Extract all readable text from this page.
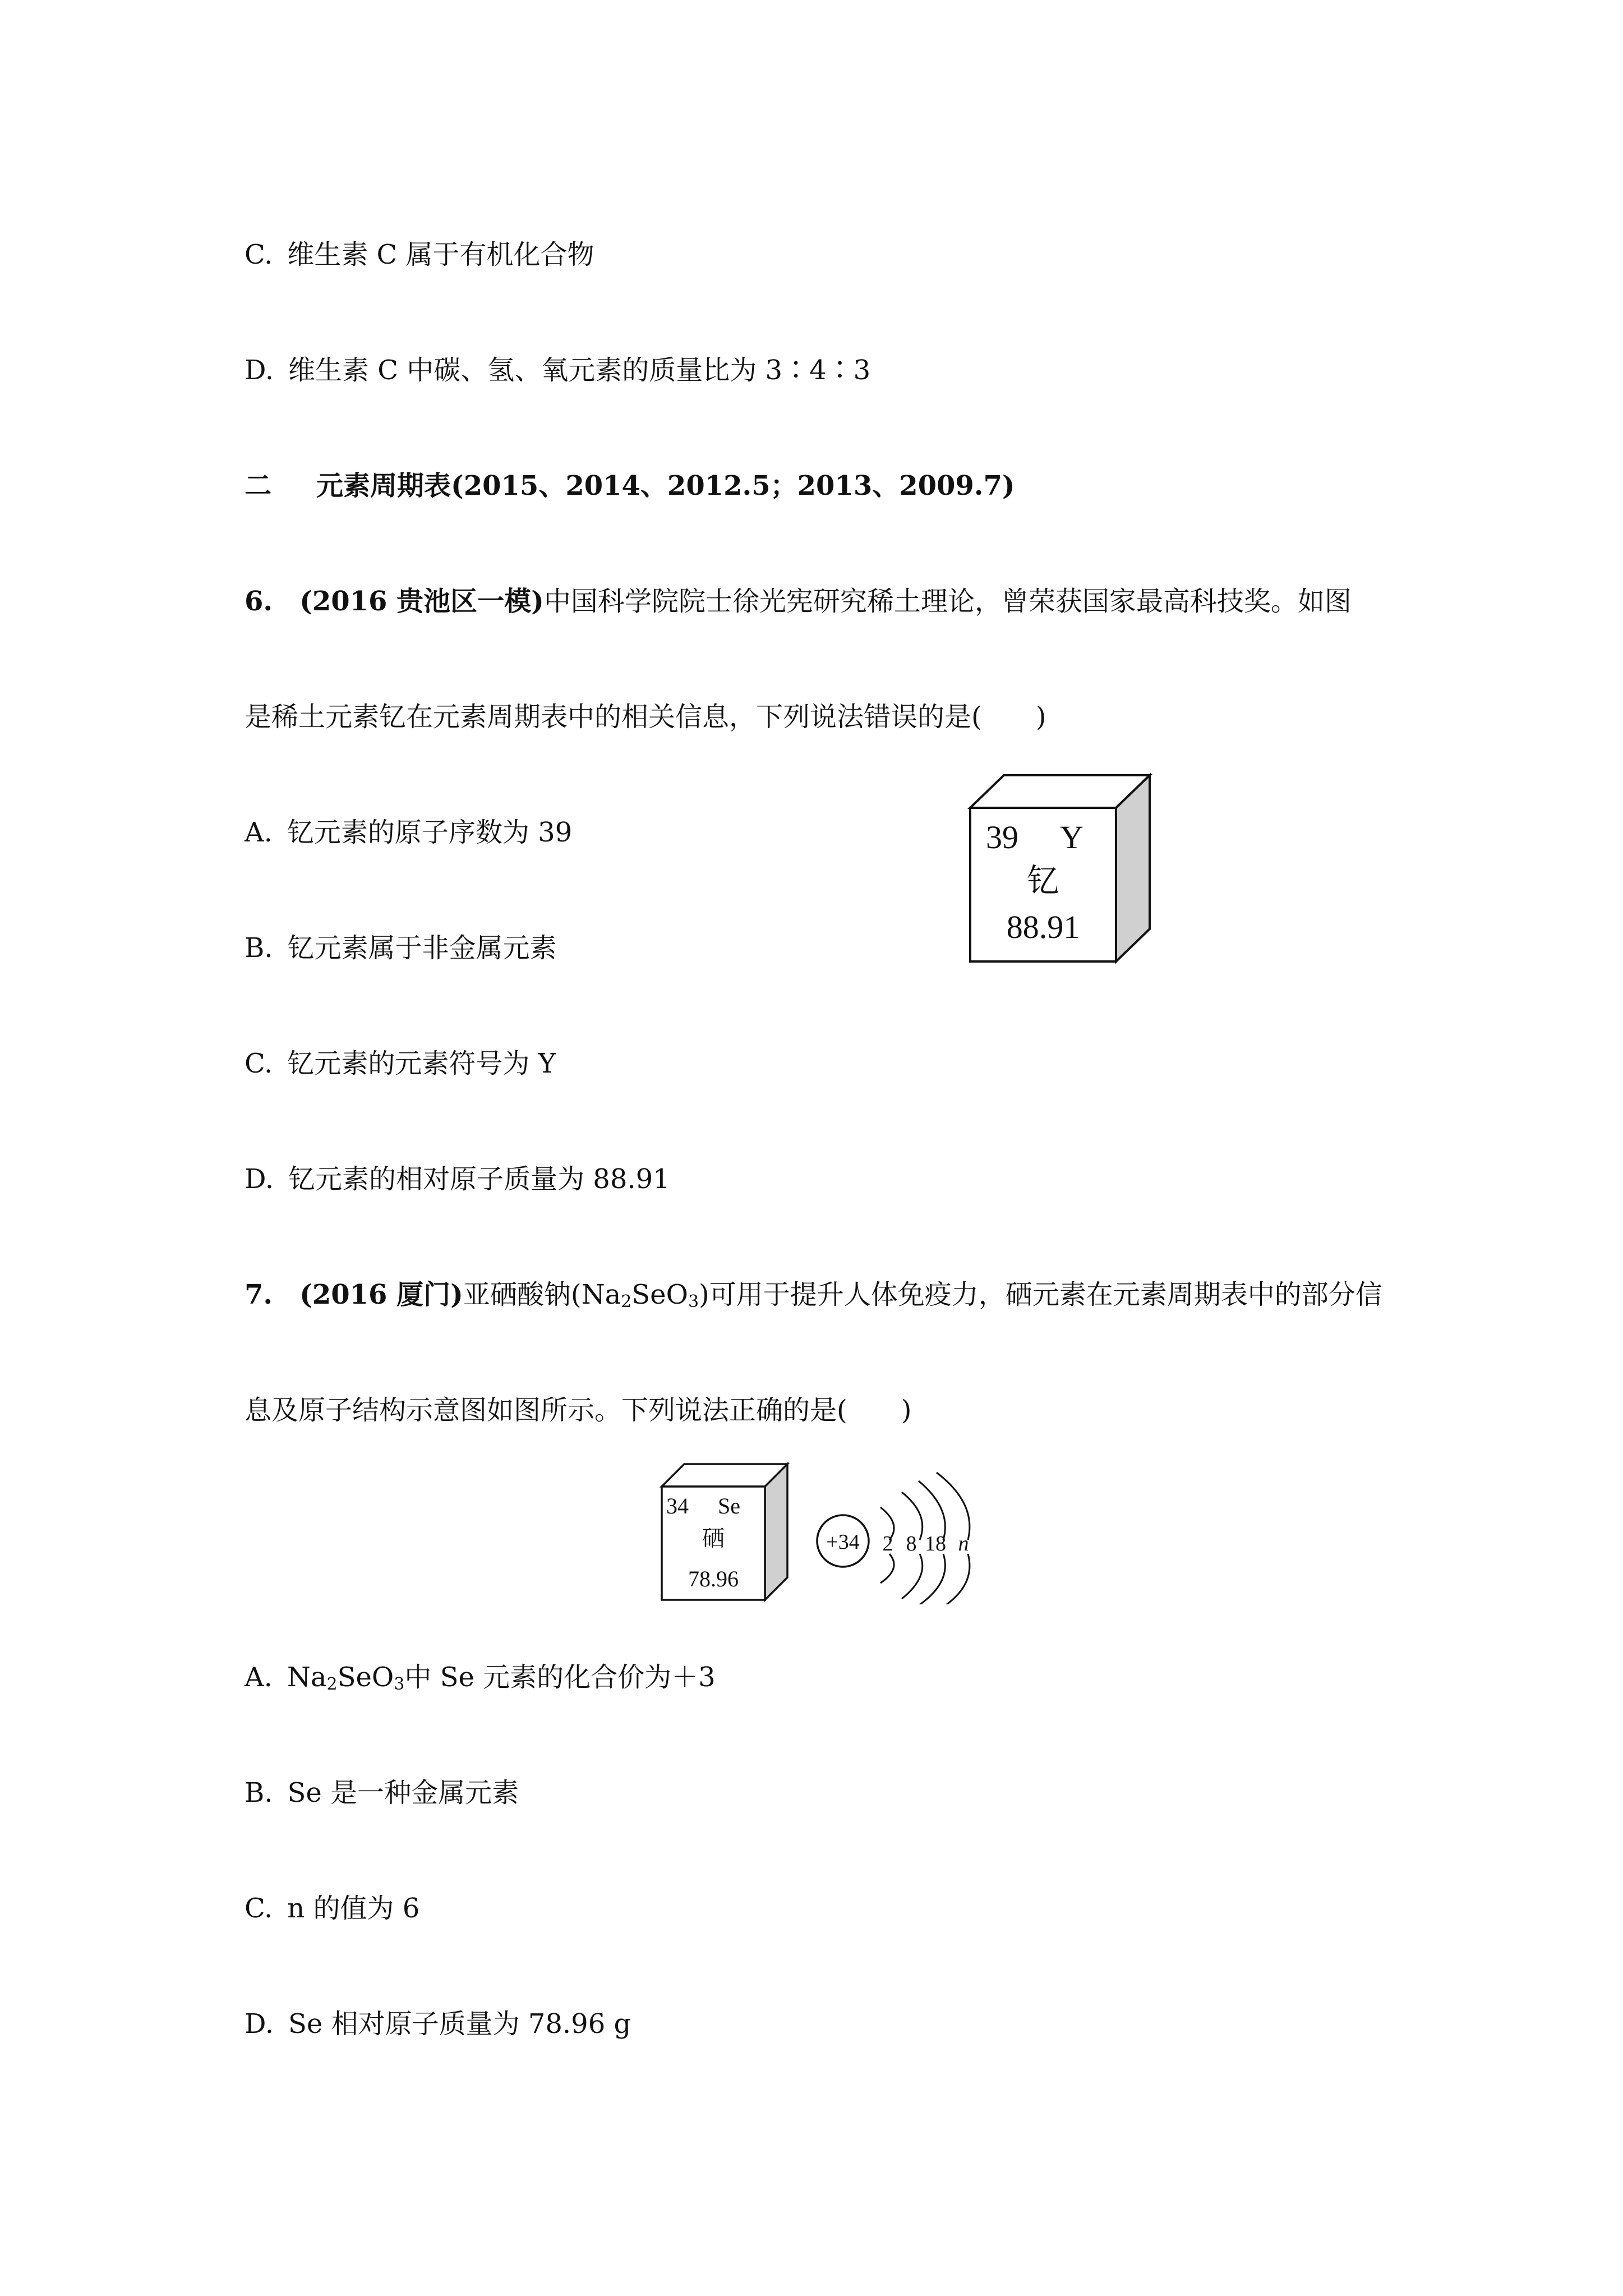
C. 维生素 C 属于有机化合物
D. 维生素 C 中碳、氢、氧元素的质量比为 3∶4∶3
二 元素周期表(2015、2014、2012.5；2013、2009.7)
6.　(2016 贵池区一模)中国科学院院士徐光宪研究稀土理论，曾荣获国家最高科技奖。如图
是稀土元素钇在元素周期表中的相关信息，下列说法错误的是(　　)
A. 钇元素的原子序数为 39
B. 钇元素属于非金属元素
C. 钇元素的元素符号为 Y
D. 钇元素的相对原子质量为 88.91
39 Y
钇
88.91
7.　(2016 厦门)亚硒酸钠$(Na_2SeO_3)$可用于提升人体免疫力，硒元素在元素周期表中的部分信
息及原子结构示意图如图所示。下列说法正确的是(　　)
34 Se
硒
78.96
+34 2 8 18 n
A. $Na_2SeO_3$中 Se 元素的化合价为＋3
B. Se 是一种金属元素
C. n 的值为 6
D. Se 相对原子质量为 78.96 g
